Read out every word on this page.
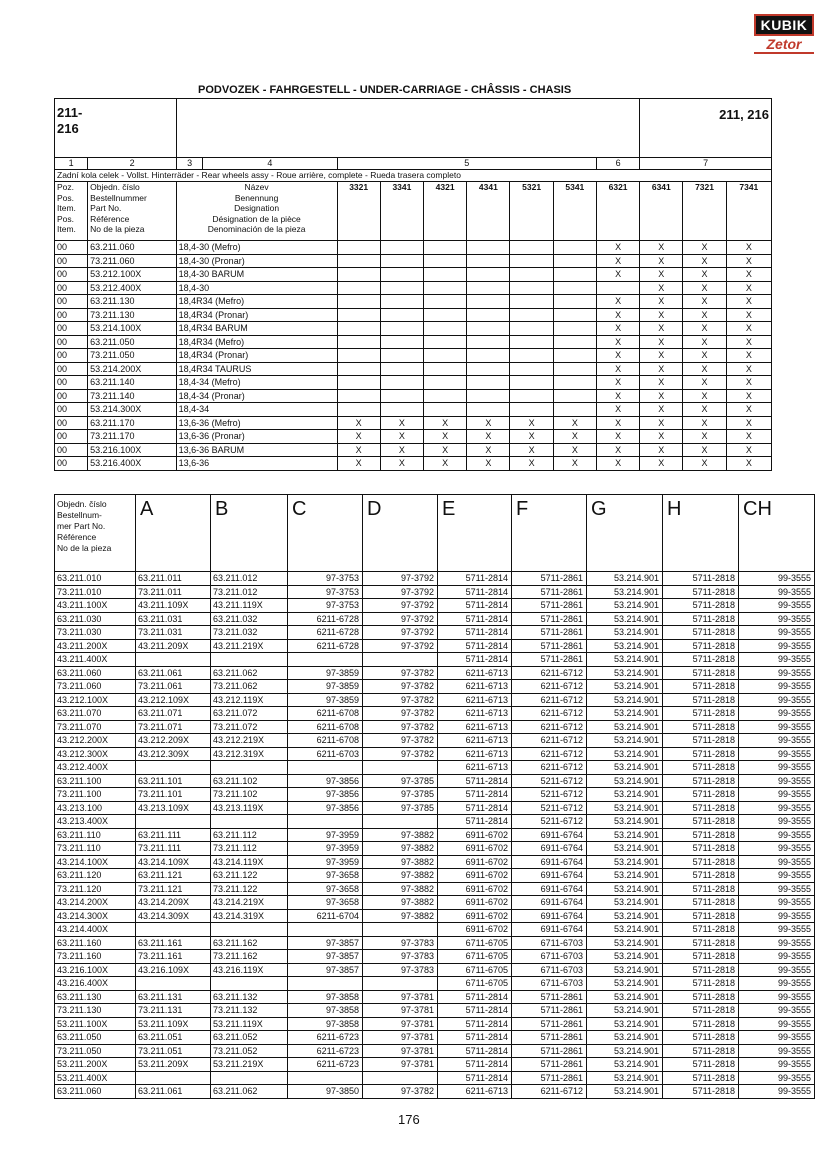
KUBIK
Zetor
PODVOZEK - FAHRGESTELL - UNDER-CARRIAGE - CHÂSSIS - CHASIS
211-
216										211, 216		
1	2	3 4	5						6	7		
Zadní kola celek - Vollst. Hinterräder - Rear wheels assy - Roue arrière, complete - Rueda trasera completo												
Poz.
Pos.
Item.
Pos.
Item.	Objedn. číslo
Bestellnummer
Part No.
Référence
No de la pieza	Název
Benennung
Designation
Désignation de la pièce
Denominación de la pieza	3321	3341	4321	4341	5321	5341	6321	6341	7321	7341
00	63.211.060	18,4-30 (Mefro)							X	X	X	X
00	73.211.060	18,4-30 (Pronar)							X	X	X	X
00	53.212.100X	18,4-30 BARUM							X	X	X	X
00	53.212.400X	18,4-30								X	X	X
00	63.211.130	18,4R34 (Mefro)							X	X	X	X
00	73.211.130	18,4R34 (Pronar)							X	X	X	X
00	53.214.100X	18,4R34 BARUM							X	X	X	X
00	63.211.050	18,4R34 (Mefro)							X	X	X	X
00	73.211.050	18,4R34 (Pronar)							X	X	X	X
00	53.214.200X	18,4R34 TAURUS							X	X	X	X
00	63.211.140	18,4-34 (Mefro)							X	X	X	X
00	73.211.140	18,4-34 (Pronar)							X	X	X	X
00	53.214.300X	18,4-34							X	X	X	X
00	63.211.170	13,6-36 (Mefro)	X	X	X	X	X	X	X	X	X	X
00	73.211.170	13,6-36 (Pronar)	X	X	X	X	X	X	X	X	X	X
00	53.216.100X	13,6-36 BARUM	X	X	X	X	X	X	X	X	X	X
00	53.216.400X	13,6-36	X	X	X	X	X	X	X	X	X	X
Objedn. číslo
Bestellnum-
mer Part No.
Référence
No de la pieza	A	B	C	D	E	F	G	H	CH
63.211.010	63.211.011	63.211.012	97-3753	97-3792	5711-2814	5711-2861	53.214.901	5711-2818	99-3555
73.211.010	73.211.011	73.211.012	97-3753	97-3792	5711-2814	5711-2861	53.214.901	5711-2818	99-3555
43.211.100X	43.211.109X	43.211.119X	97-3753	97-3792	5711-2814	5711-2861	53.214.901	5711-2818	99-3555
63.211.030	63.211.031	63.211.032	6211-6728	97-3792	5711-2814	5711-2861	53.214.901	5711-2818	99-3555
73.211.030	73.211.031	73.211.032	6211-6728	97-3792	5711-2814	5711-2861	53.214.901	5711-2818	99-3555
43.211.200X	43.211.209X	43.211.219X	6211-6728	97-3792	5711-2814	5711-2861	53.214.901	5711-2818	99-3555
43.211.400X					5711-2814	5711-2861	53.214.901	5711-2818	99-3555
63.211.060	63.211.061	63.211.062	97-3859	97-3782	6211-6713	6211-6712	53.214.901	5711-2818	99-3555
73.211.060	73.211.061	73.211.062	97-3859	97-3782	6211-6713	6211-6712	53.214.901	5711-2818	99-3555
43.212.100X	43.212.109X	43.212.119X	97-3859	97-3782	6211-6713	6211-6712	53.214.901	5711-2818	99-3555
63.211.070	63.211.071	63.211.072	6211-6708	97-3782	6211-6713	6211-6712	53.214.901	5711-2818	99-3555
73.211.070	73.211.071	73.211.072	6211-6708	97-3782	6211-6713	6211-6712	53.214.901	5711-2818	99-3555
43.212.200X	43.212.209X	43.212.219X	6211-6708	97-3782	6211-6713	6211-6712	53.214.901	5711-2818	99-3555
43.212.300X	43.212.309X	43.212.319X	6211-6703	97-3782	6211-6713	6211-6712	53.214.901	5711-2818	99-3555
43.212.400X					6211-6713	6211-6712	53.214.901	5711-2818	99-3555
63.211.100	63.211.101	63.211.102	97-3856	97-3785	5711-2814	5211-6712	53.214.901	5711-2818	99-3555
73.211.100	73.211.101	73.211.102	97-3856	97-3785	5711-2814	5211-6712	53.214.901	5711-2818	99-3555
43.213.100	43.213.109X	43.213.119X	97-3856	97-3785	5711-2814	5211-6712	53.214.901	5711-2818	99-3555
43.213.400X					5711-2814	5211-6712	53.214.901	5711-2818	99-3555
63.211.110	63.211.111	63.211.112	97-3959	97-3882	6911-6702	6911-6764	53.214.901	5711-2818	99-3555
73.211.110	73.211.111	73.211.112	97-3959	97-3882	6911-6702	6911-6764	53.214.901	5711-2818	99-3555
43.214.100X	43.214.109X	43.214.119X	97-3959	97-3882	6911-6702	6911-6764	53.214.901	5711-2818	99-3555
63.211.120	63.211.121	63.211.122	97-3658	97-3882	6911-6702	6911-6764	53.214.901	5711-2818	99-3555
73.211.120	73.211.121	73.211.122	97-3658	97-3882	6911-6702	6911-6764	53.214.901	5711-2818	99-3555
43.214.200X	43.214.209X	43.214.219X	97-3658	97-3882	6911-6702	6911-6764	53.214.901	5711-2818	99-3555
43.214.300X	43.214.309X	43.214.319X	6211-6704	97-3882	6911-6702	6911-6764	53.214.901	5711-2818	99-3555
43.214.400X					6911-6702	6911-6764	53.214.901	5711-2818	99-3555
63.211.160	63.211.161	63.211.162	97-3857	97-3783	6711-6705	6711-6703	53.214.901	5711-2818	99-3555
73.211.160	73.211.161	73.211.162	97-3857	97-3783	6711-6705	6711-6703	53.214.901	5711-2818	99-3555
43.216.100X	43.216.109X	43.216.119X	97-3857	97-3783	6711-6705	6711-6703	53.214.901	5711-2818	99-3555
43.216.400X					6711-6705	6711-6703	53.214.901	5711-2818	99-3555
63.211.130	63.211.131	63.211.132	97-3858	97-3781	5711-2814	5711-2861	53.214.901	5711-2818	99-3555
73.211.130	73.211.131	73.211.132	97-3858	97-3781	5711-2814	5711-2861	53.214.901	5711-2818	99-3555
53.211.100X	53.211.109X	53.211.119X	97-3858	97-3781	5711-2814	5711-2861	53.214.901	5711-2818	99-3555
63.211.050	63.211.051	63.211.052	6211-6723	97-3781	5711-2814	5711-2861	53.214.901	5711-2818	99-3555
73.211.050	73.211.051	73.211.052	6211-6723	97-3781	5711-2814	5711-2861	53.214.901	5711-2818	99-3555
53.211.200X	53.211.209X	53.211.219X	6211-6723	97-3781	5711-2814	5711-2861	53.214.901	5711-2818	99-3555
53.211.400X					5711-2814	5711-2861	53.214.901	5711-2818	99-3555
63.211.060	63.211.061	63.211.062	97-3850	97-3782	6211-6713	6211-6712	53.214.901	5711-2818	99-3555
176
